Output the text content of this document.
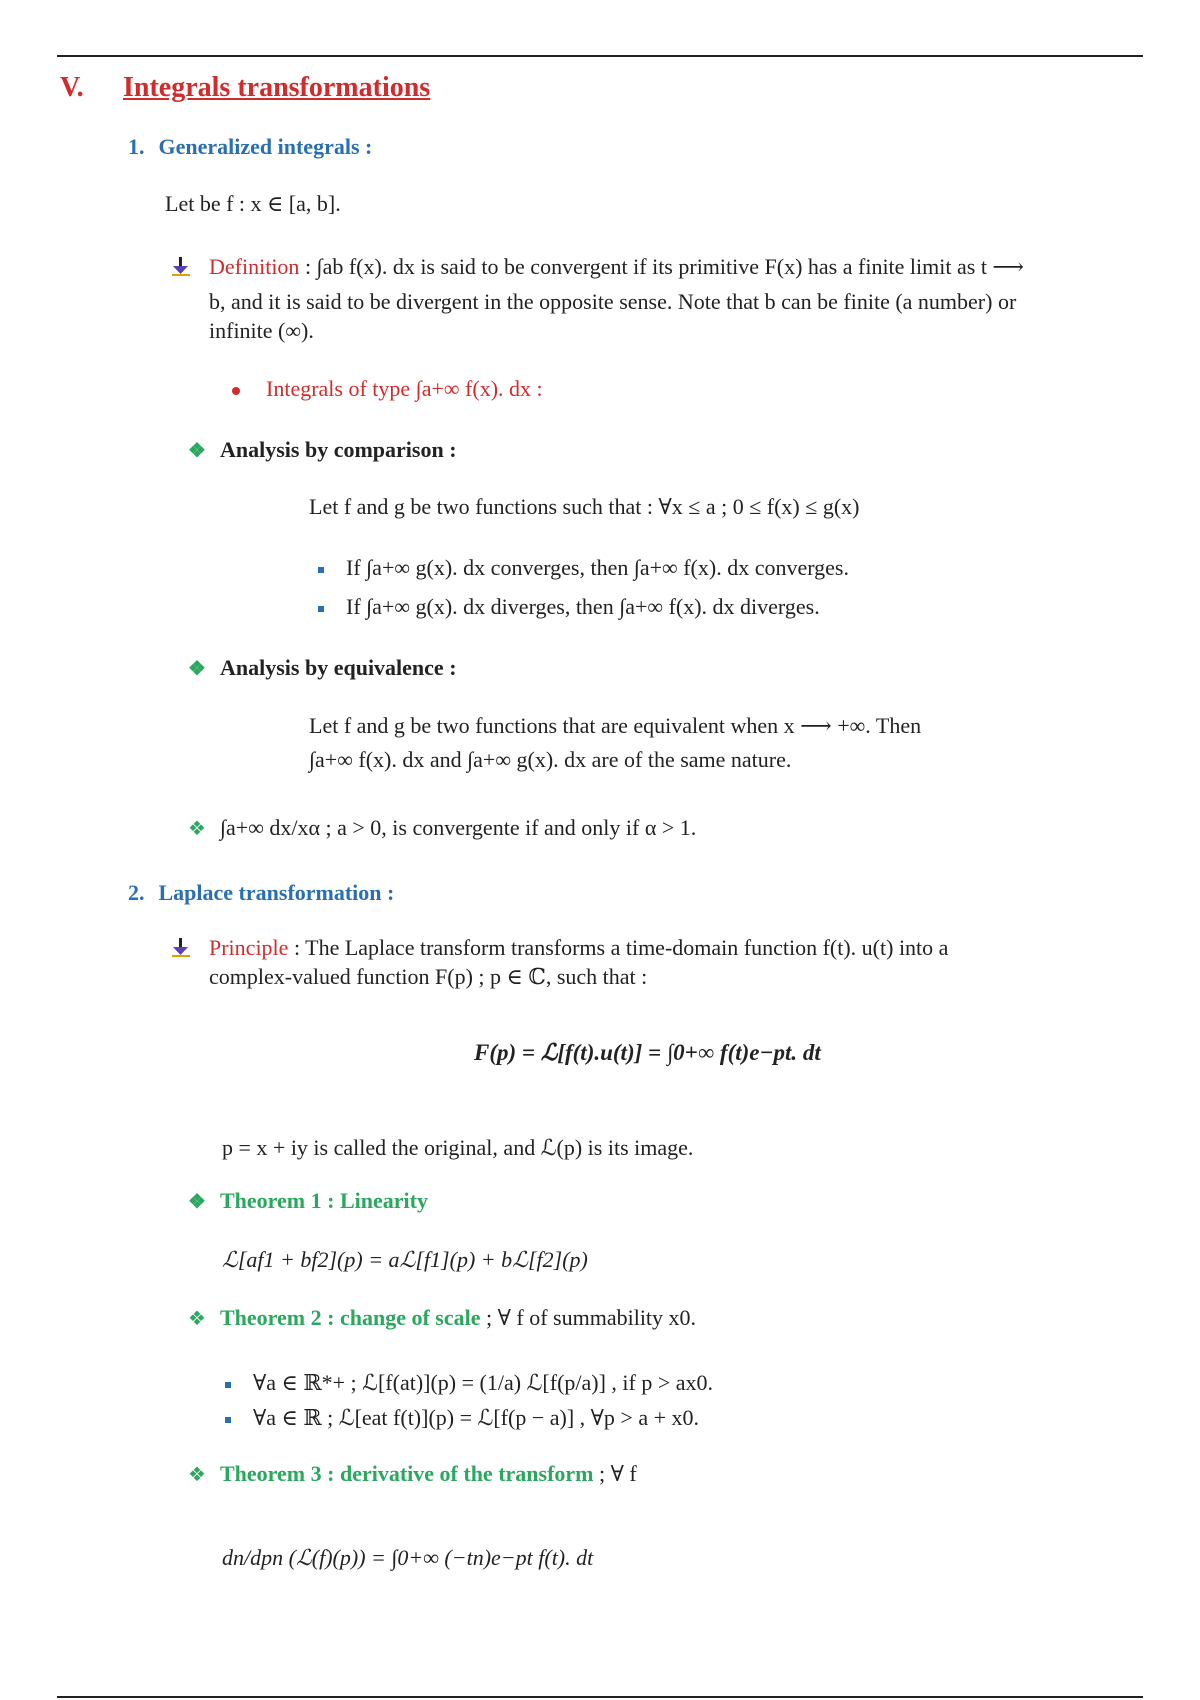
V. Integrals transformations
1. Generalized integrals :
Let be f : x ∈ [a, b].
Definition : ∫ab f(x). dx is said to be convergent if its primitive F(x) has a finite limit as t ⟶
b, and it is said to be divergent in the opposite sense. Note that b can be finite (a number) or
infinite (∞).
Integrals of type ∫a+∞ f(x). dx :
❖ Analysis by comparison :
Let f and g be two functions such that : ∀x ≤ a ; 0 ≤ f(x) ≤ g(x)
If ∫a+∞ g(x). dx converges, then ∫a+∞ f(x). dx converges.
If ∫a+∞ g(x). dx diverges, then ∫a+∞ f(x). dx diverges.
❖ Analysis by equivalence :
Let f and g be two functions that are equivalent when x ⟶ +∞. Then
∫a+∞ f(x). dx and ∫a+∞ g(x). dx are of the same nature.
❖ ∫a+∞ dx/xα ; a > 0, is convergente if and only if α > 1.
2. Laplace transformation :
Principle : The Laplace transform transforms a time-domain function f(t). u(t) into a
complex-valued function F(p) ; p ∈ ℂ, such that :
F(p) = ℒ[f(t).u(t)] = ∫0+∞ f(t)e−pt. dt
p = x + iy is called the original, and ℒ(p) is its image.
❖ Theorem 1 : Linearity
ℒ[af1 + bf2](p) = aℒ[f1](p) + bℒ[f2](p)
❖ Theorem 2 : change of scale ; ∀ f of summability x0.
∀a ∈ ℝ*+ ; ℒ[f(at)](p) = (1/a) ℒ[f(p/a)] , if p > ax0.
∀a ∈ ℝ ; ℒ[eat f(t)](p) = ℒ[f(p − a)] , ∀p > a + x0.
❖ Theorem 3 : derivative of the transform ; ∀ f
dn/dpn (ℒ(f)(p)) = ∫0+∞ (−tn)e−pt f(t). dt
